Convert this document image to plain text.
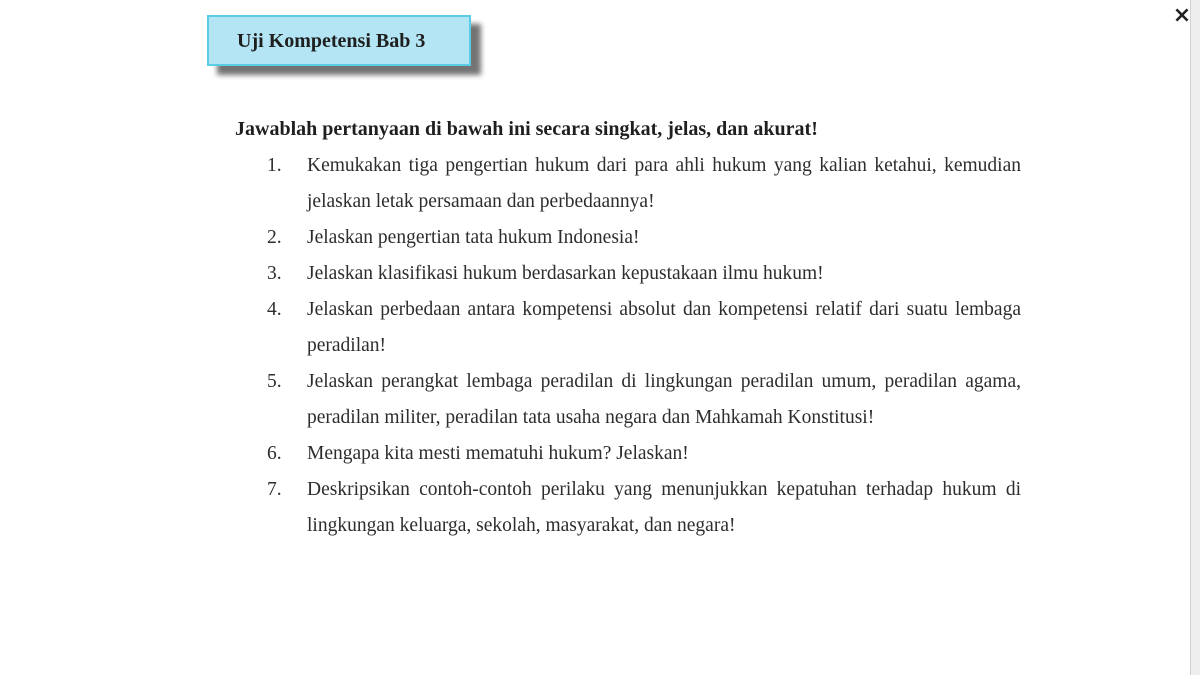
×
Uji Kompetensi Bab 3
Jawablah pertanyaan di bawah ini secara singkat, jelas, dan akurat!
1. Kemukakan tiga pengertian hukum dari para ahli hukum yang kalian ketahui, kemudian jelaskan letak persamaan dan perbedaannya!
2. Jelaskan pengertian tata hukum Indonesia!
3. Jelaskan klasifikasi hukum berdasarkan kepustakaan ilmu hukum!
4. Jelaskan perbedaan antara kompetensi absolut dan kompetensi relatif dari suatu lembaga peradilan!
5. Jelaskan perangkat lembaga peradilan di lingkungan peradilan umum, peradilan agama, peradilan militer, peradilan tata usaha negara dan Mahkamah Konstitusi!
6. Mengapa kita mesti mematuhi hukum? Jelaskan!
7. Deskripsikan contoh-contoh perilaku yang menunjukkan kepatuhan terhadap hukum di lingkungan keluarga, sekolah, masyarakat, dan negara!
